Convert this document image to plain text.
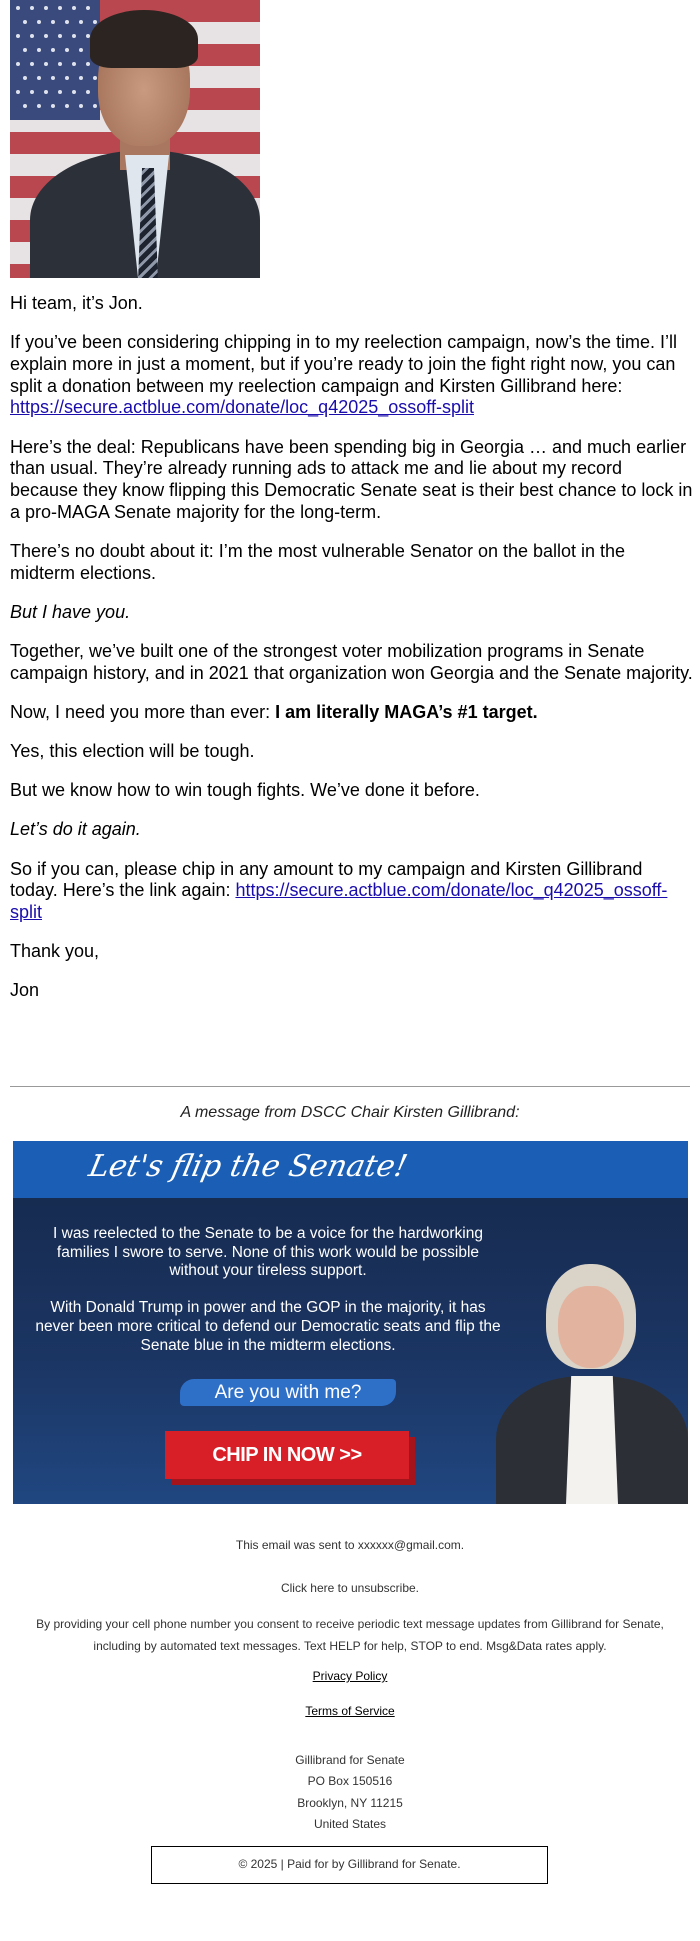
Hi team, it’s Jon.

If you’ve been considering chipping in to my reelection campaign, now’s the time. I’ll explain more in just a moment, but if you’re ready to join the fight right now, you can split a donation between my reelection campaign and Kirsten Gillibrand here: https://secure.actblue.com/donate/loc_q42025_ossoff-split

Here’s the deal: Republicans have been spending big in Georgia … and much earlier than usual. They’re already running ads to attack me and lie about my record because they know flipping this Democratic Senate seat is their best chance to lock in a pro-MAGA Senate majority for the long-term.

There’s no doubt about it: I’m the most vulnerable Senator on the ballot in the midterm elections.

But I have you.

Together, we’ve built one of the strongest voter mobilization programs in Senate campaign history, and in 2021 that organization won Georgia and the Senate majority.

Now, I need you more than ever: I am literally MAGA’s #1 target.

Yes, this election will be tough.

But we know how to win tough fights. We’ve done it before.

Let’s do it again.

So if you can, please chip in any amount to my campaign and Kirsten Gillibrand today. Here’s the link again: https://secure.actblue.com/donate/loc_q42025_ossoff-split

Thank you,

Jon

A message from DSCC Chair Kirsten Gillibrand:
Let's flip the Senate!

I was reelected to the Senate to be a voice for the hardworking families I swore to serve. None of this work would be possible without your tireless support.

With Donald Trump in power and the GOP in the majority, it has never been more critical to defend our Democratic seats and flip the Senate blue in the midterm elections.

Are you with me?
CHIP IN NOW >>
This email was sent to xxxxxx@gmail.com.
Click here to unsubscribe.
By providing your cell phone number you consent to receive periodic text message updates from Gillibrand for Senate, including by automated text messages. Text HELP for help, STOP to end. Msg&Data rates apply.
Privacy Policy
Terms of Service
Gillibrand for Senate
PO Box 150516
Brooklyn, NY 11215
United States
© 2025 | Paid for by Gillibrand for Senate.
